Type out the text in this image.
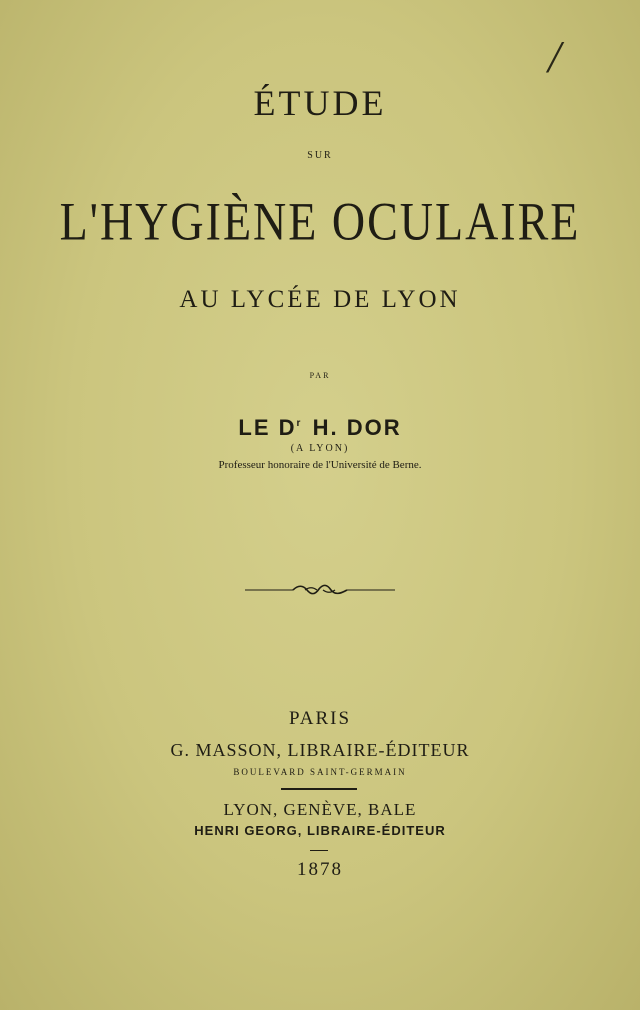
/
ÉTUDE
SUR
L'HYGIÈNE OCULAIRE
AU LYCÉE DE LYON
PAR
LE $D^r$ H. DOR
(A LYON)
Professeur honoraire de l'Université de Berne.
PARIS
G. MASSON, LIBRAIRE-ÉDITEUR
BOULEVARD SAINT-GERMAIN
LYON, GENÈVE, BALE
HENRI GEORG, LIBRAIRE-ÉDITEUR
1878
